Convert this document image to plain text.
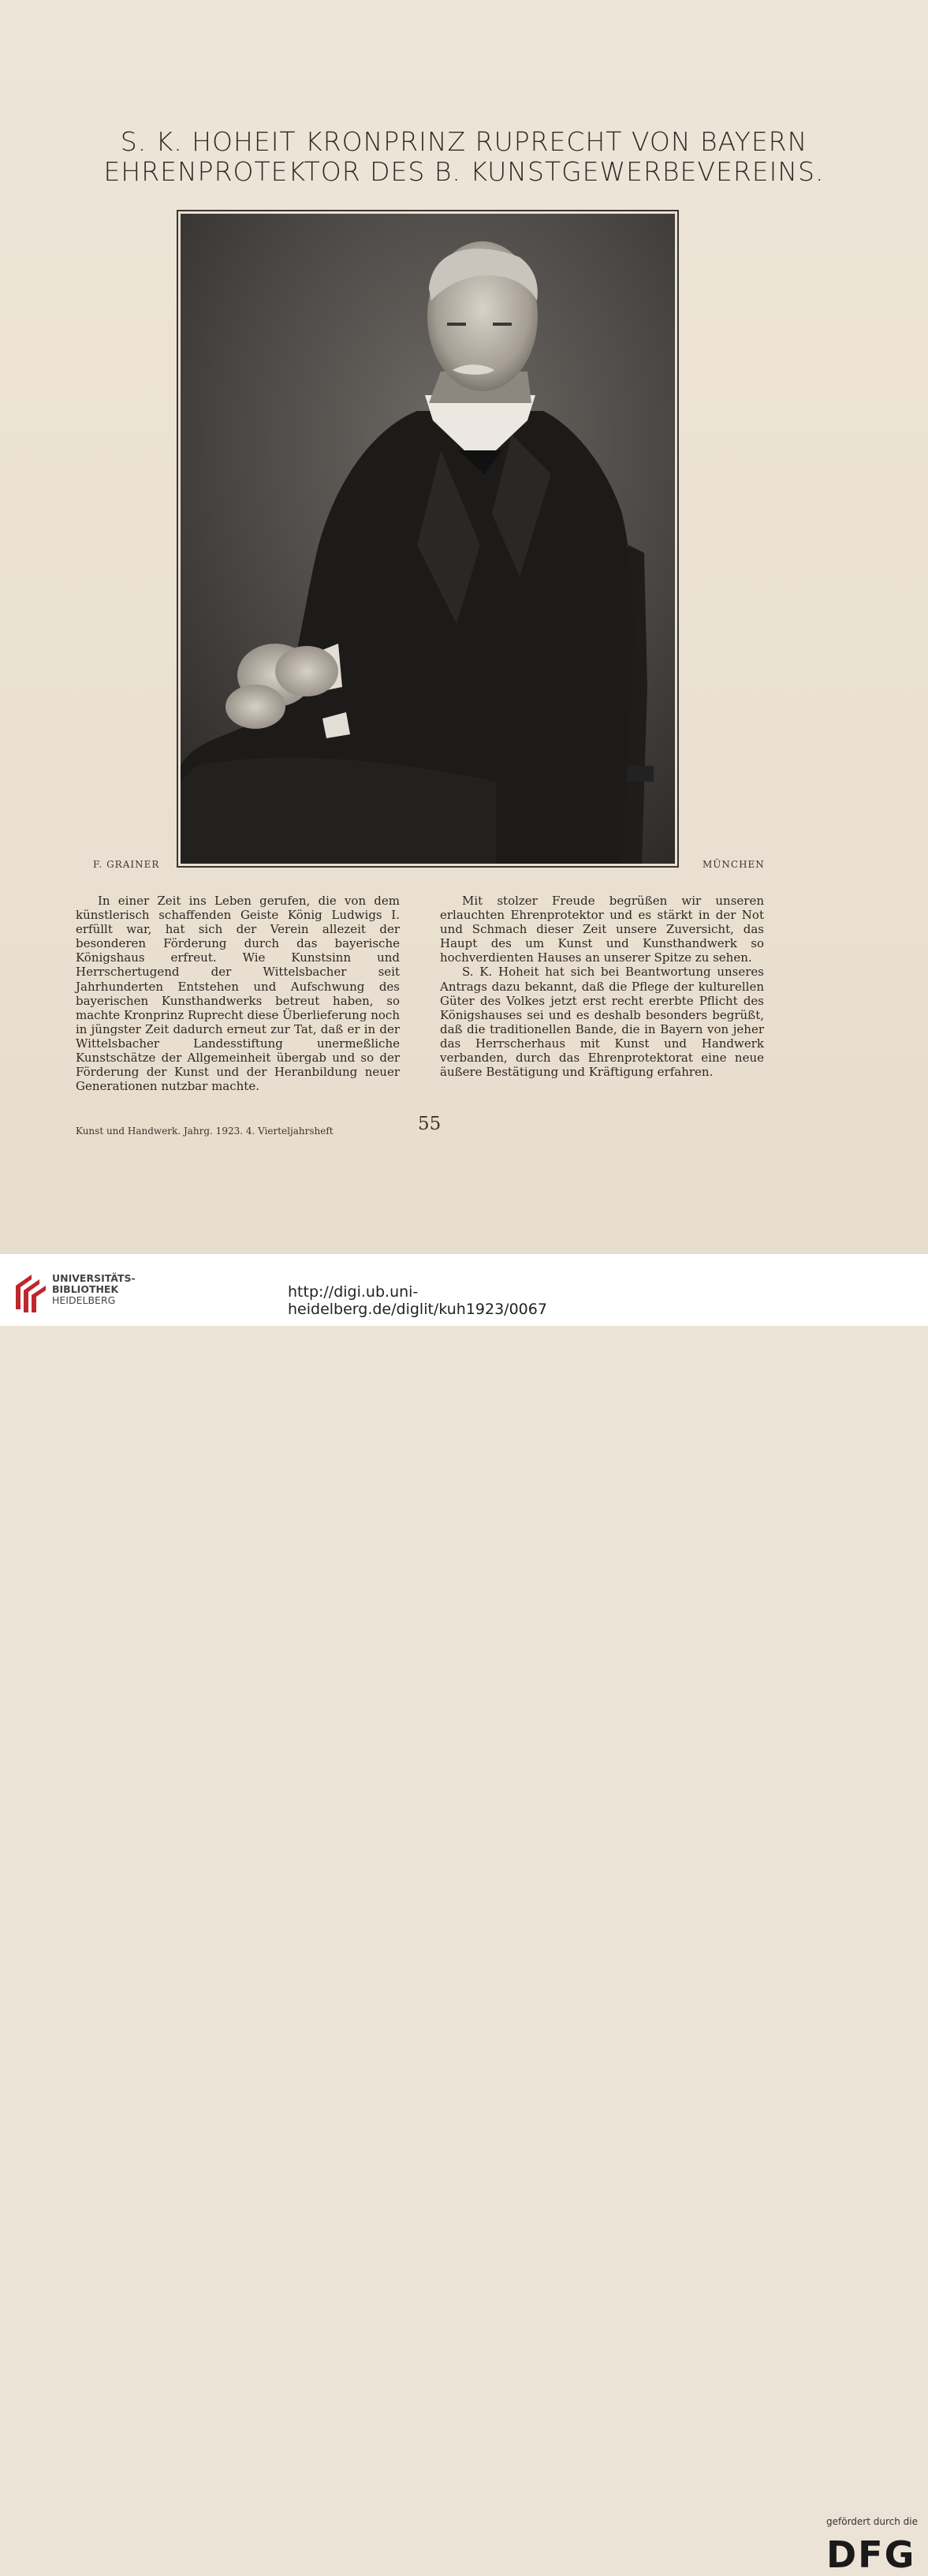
S. K. HOHEIT KRONPRINZ RUPRECHT VON BAYERN
EHRENPROTEKTOR DES B. KUNSTGEWERBEVEREINS.
F. GRAINER	MÜNCHEN

In einer Zeit ins Leben gerufen, die von dem künstlerisch schaffenden Geiste König Ludwigs I. erfüllt war, hat sich der Verein allezeit der besonderen Förderung durch das bayerische Königshaus erfreut. Wie Kunstsinn und Herrschertugend der Wittelsbacher seit Jahrhunderten Entstehen und Aufschwung des bayerischen Kunsthandwerks betreut haben, so machte Kronprinz Ruprecht diese Überlieferung noch in jüngster Zeit dadurch erneut zur Tat, daß er in der Wittelsbacher Landesstiftung unermeßliche Kunstschätze der Allgemeinheit übergab und so der Förderung der Kunst und der Heranbildung neuer Generationen nutzbar machte.

Mit stolzer Freude begrüßen wir unseren erlauchten Ehrenprotektor und es stärkt in der Not und Schmach dieser Zeit unsere Zuversicht, das Haupt des um Kunst und Kunsthandwerk so hochverdienten Hauses an unserer Spitze zu sehen.

S. K. Hoheit hat sich bei Beantwortung unseres Antrags dazu bekannt, daß die Pflege der kulturellen Güter des Volkes jetzt erst recht ererbte Pflicht des Königshauses sei und es deshalb besonders begrüßt, daß die traditionellen Bande, die in Bayern von jeher das Herrscherhaus mit Kunst und Handwerk verbanden, durch das Ehrenprotektorat eine neue äußere Bestätigung und Kräftigung erfahren.

Kunst und Handwerk. Jahrg. 1923. 4. Vierteljahrsheft	55
UNIVERSITÄTS-
BIBLIOTHEK
HEIDELBERG
gefördert durch die
DFG
http://digi.ub.uni-heidelberg.de/diglit/kuh1923/0067
